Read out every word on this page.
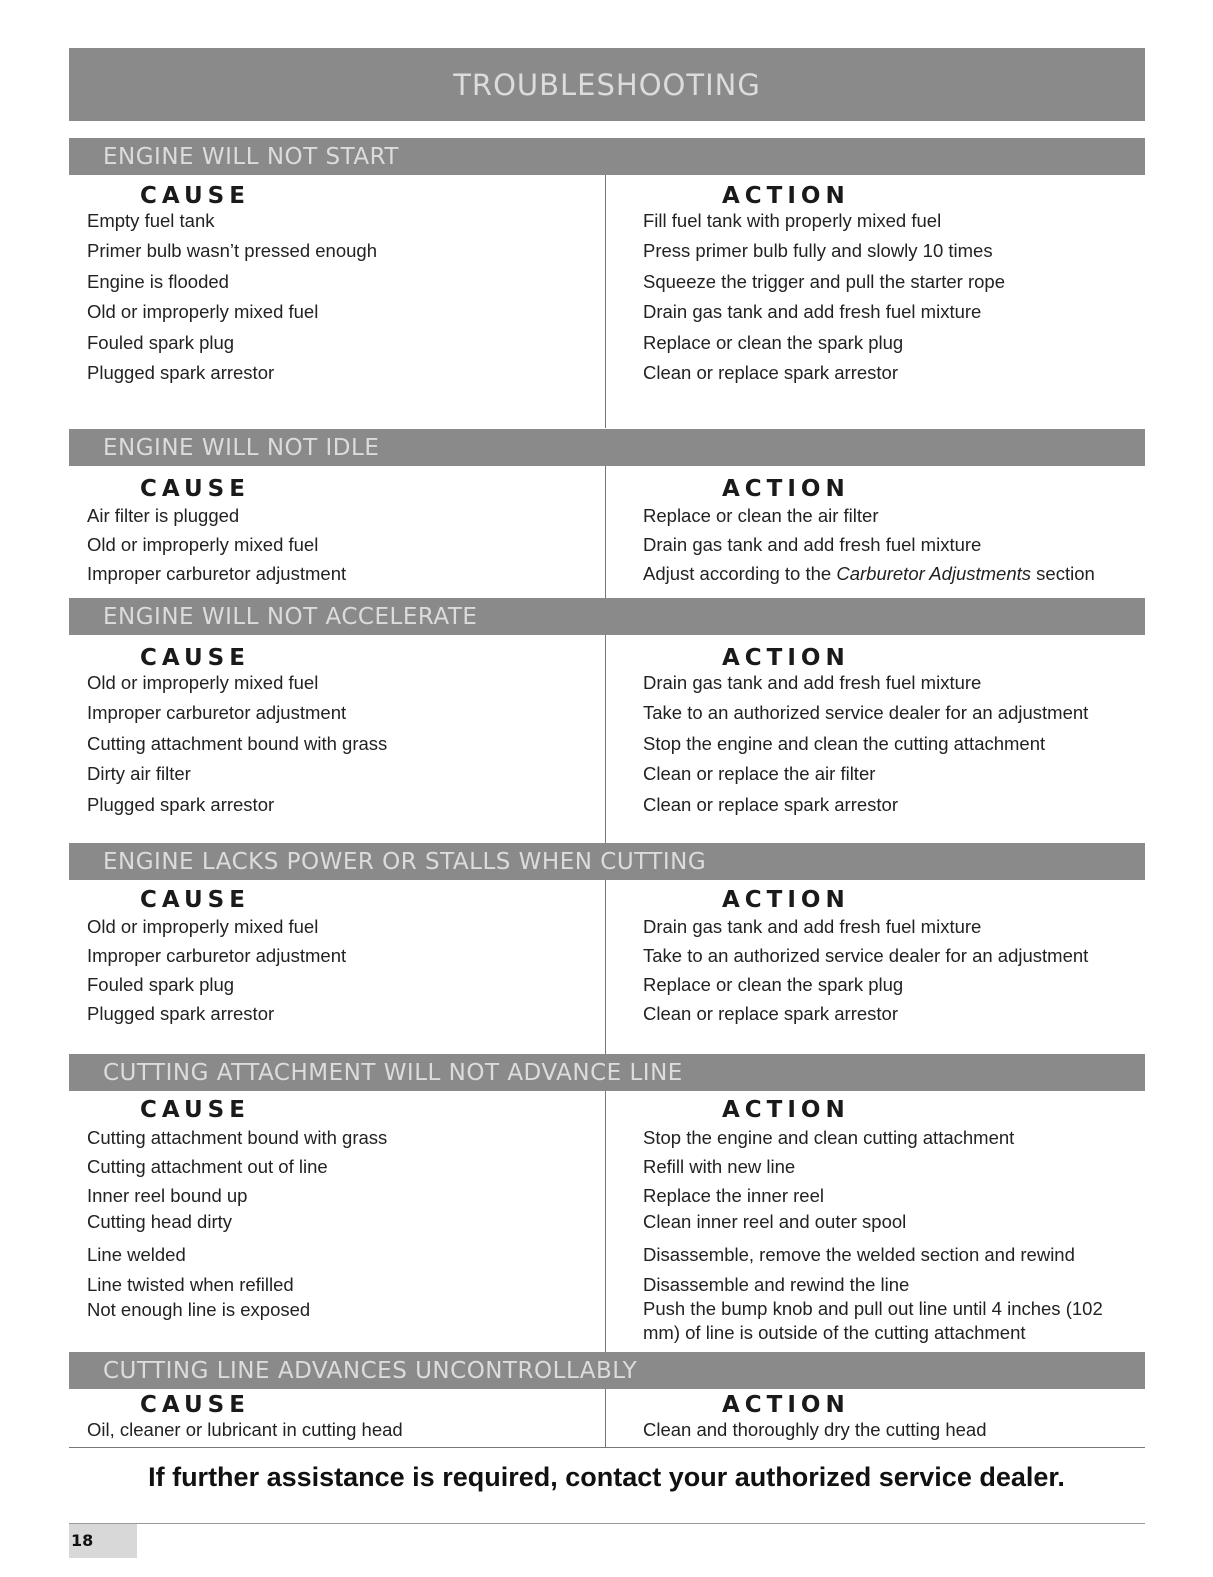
TROUBLESHOOTING
ENGINE WILL NOT START
CAUSE	ACTION
Empty fuel tank	Fill fuel tank with properly mixed fuel
Primer bulb wasn’t pressed enough	Press primer bulb fully and slowly 10 times
Engine is flooded	Squeeze the trigger and pull the starter rope
Old or improperly mixed fuel	Drain gas tank and add fresh fuel mixture
Fouled spark plug	Replace or clean the spark plug
Plugged spark arrestor	Clean or replace spark arrestor
ENGINE WILL NOT IDLE
CAUSE	ACTION
Air filter is plugged	Replace or clean the air filter
Old or improperly mixed fuel	Drain gas tank and add fresh fuel mixture
Improper carburetor adjustment	Adjust according to the Carburetor Adjustments section
ENGINE WILL NOT ACCELERATE
CAUSE	ACTION
Old or improperly mixed fuel	Drain gas tank and add fresh fuel mixture
Improper carburetor adjustment	Take to an authorized service dealer for an adjustment
Cutting attachment bound with grass	Stop the engine and clean the cutting attachment
Dirty air filter	Clean or replace the air filter
Plugged spark arrestor	Clean or replace spark arrestor
ENGINE LACKS POWER OR STALLS WHEN CUTTING
CAUSE	ACTION
Old or improperly mixed fuel	Drain gas tank and add fresh fuel mixture
Improper carburetor adjustment	Take to an authorized service dealer for an adjustment
Fouled spark plug	Replace or clean the spark plug
Plugged spark arrestor	Clean or replace spark arrestor
CUTTING ATTACHMENT WILL NOT ADVANCE LINE
CAUSE	ACTION
Cutting attachment bound with grass	Stop the engine and clean cutting attachment
Cutting attachment out of line	Refill with new line
Inner reel bound up	Replace the inner reel
Cutting head dirty	Clean inner reel and outer spool
Line welded	Disassemble, remove the welded section and rewind
Line twisted when refilled	Disassemble and rewind the line
Not enough line is exposed	Push the bump knob and pull out line until 4 inches (102 mm) of line is outside of the cutting attachment
CUTTING LINE ADVANCES UNCONTROLLABLY
CAUSE	ACTION
Oil, cleaner or lubricant in cutting head	Clean and thoroughly dry the cutting head
If further assistance is required, contact your authorized service dealer.
18
